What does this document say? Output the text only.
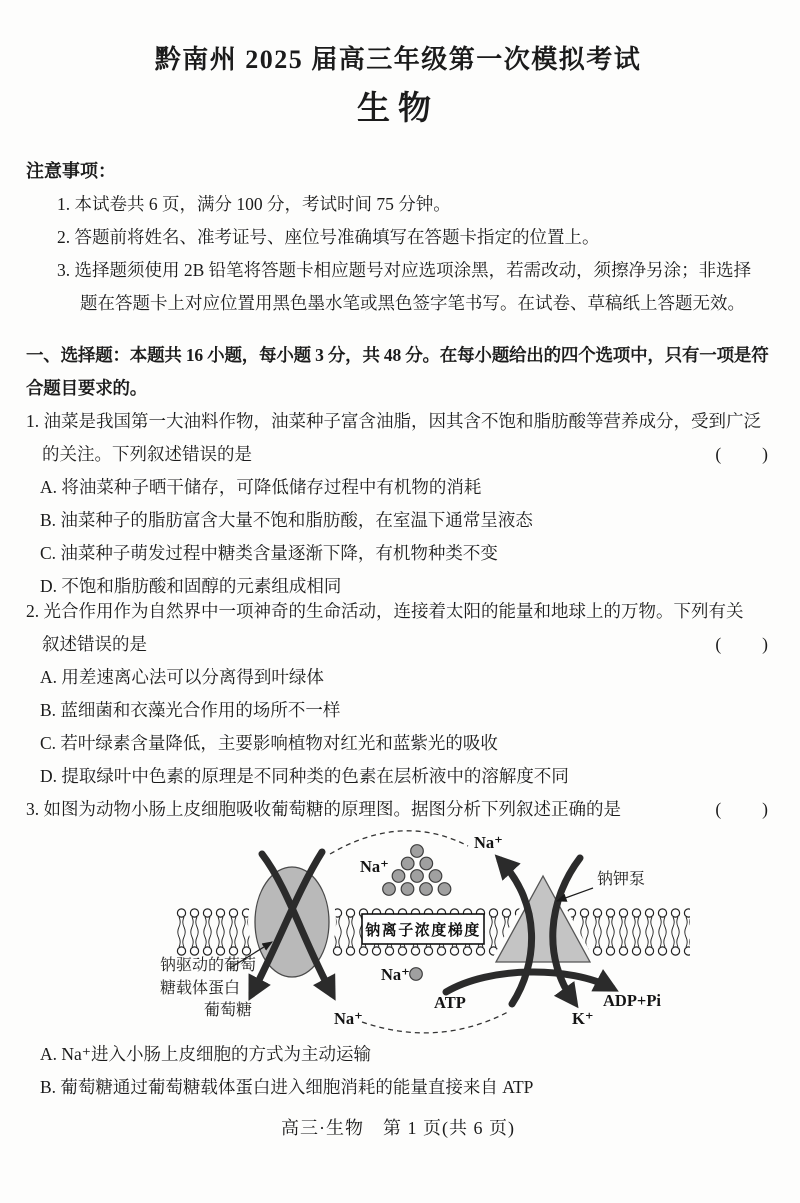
黔南州 2025 届高三年级第一次模拟考试
生物
注意事项：
1. 本试卷共 6 页，满分 100 分，考试时间 75 分钟。
2. 答题前将姓名、准考证号、座位号准确填写在答题卡指定的位置上。
3. 选择题须使用 2B 铅笔将答题卡相应题号对应选项涂黑，若需改动，须擦净另涂；非选择
题在答题卡上对应位置用黑色墨水笔或黑色签字笔书写。在试卷、草稿纸上答题无效。
一、选择题：本题共 16 小题，每小题 3 分，共 48 分。在每小题给出的四个选项中，只有一项是符
合题目要求的。
1. 油菜是我国第一大油料作物，油菜种子富含油脂，因其含不饱和脂肪酸等营养成分，受到广泛
的关注。下列叙述错误的是	(　　)
A. 将油菜种子晒干储存，可降低储存过程中有机物的消耗
B. 油菜种子的脂肪富含大量不饱和脂肪酸，在室温下通常呈液态
C. 油菜种子萌发过程中糖类含量逐渐下降，有机物种类不变
D. 不饱和脂肪酸和固醇的元素组成相同
2. 光合作用作为自然界中一项神奇的生命活动，连接着太阳的能量和地球上的万物。下列有关
叙述错误的是	(　　)
A. 用差速离心法可以分离得到叶绿体
B. 蓝细菌和衣藻光合作用的场所不一样
C. 若叶绿素含量降低，主要影响植物对红光和蓝紫光的吸收
D. 提取绿叶中色素的原理是不同种类的色素在层析液中的溶解度不同
3. 如图为动物小肠上皮细胞吸收葡萄糖的原理图。据图分析下列叙述正确的是	(　　)
钠离子浓度梯度
Na⁺
Na⁺
钠驱动的葡萄
糖载体蛋白
葡萄糖	Na⁺
Na⁺
钠钾泵
ATP	ADP+Pi
K⁺
A. Na⁺进入小肠上皮细胞的方式为主动运输
B. 葡萄糖通过葡萄糖载体蛋白进入细胞消耗的能量直接来自 ATP
高三·生物　第 1 页(共 6 页)
